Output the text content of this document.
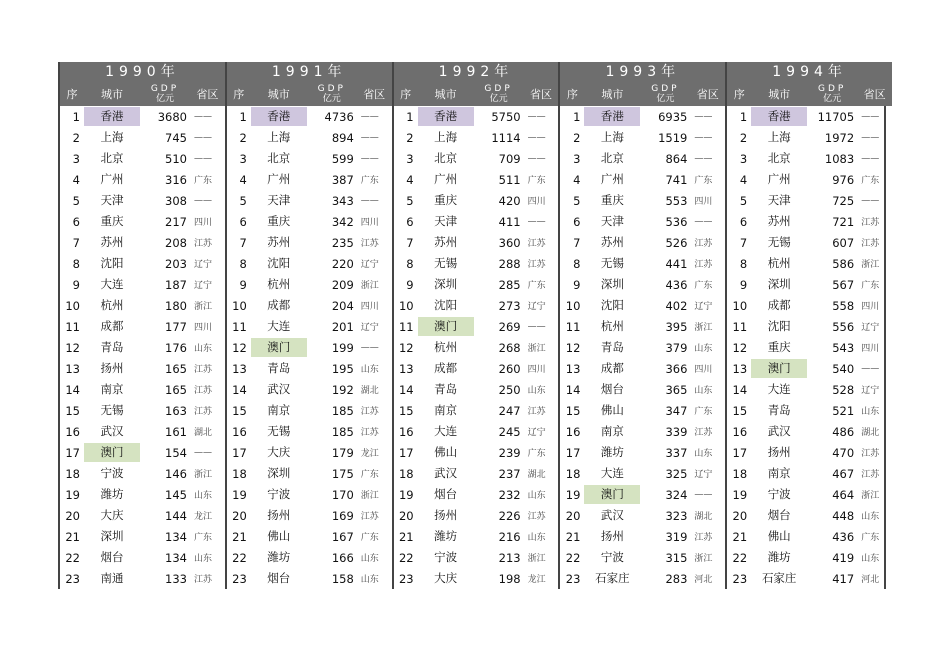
1990年
序	城市	GDP
亿元	省区
1	香港	3680 ——
2	上海	745 ——
3	北京	510 ——
4	广州	316 广东
5	天津	308 ——
6	重庆	217 四川
7	苏州	208 江苏
8	沈阳	203 辽宁
9	大连	187 辽宁
10	杭州	180 浙江
11	成都	177 四川
12	青岛	176 山东
13	扬州	165 江苏
14	南京	165 江苏
15	无锡	163 江苏
16	武汉	161 湖北
17	澳门	154 ——
18	宁波	146 浙江
19	潍坊	145 山东
20	大庆	144 龙江
21	深圳	134 广东
22	烟台	134 山东
23	南通	133 江苏
1991年
序	城市	GDP
亿元	省区
1	香港	4736 ——
2	上海	894 ——
3	北京	599 ——
4	广州	387 广东
5	天津	343 ——
6	重庆	342 四川
7	苏州	235 江苏
8	沈阳	220 辽宁
9	杭州	209 浙江
10	成都	204 四川
11	大连	201 辽宁
12	澳门	199 ——
13	青岛	195 山东
14	武汉	192 湖北
15	南京	185 江苏
16	无锡	185 江苏
17	大庆	179 龙江
18	深圳	175 广东
19	宁波	170 浙江
20	扬州	169 江苏
21	佛山	167 广东
22	潍坊	166 山东
23	烟台	158 山东
1992年
序	城市	GDP
亿元	省区
1	香港	5750 ——
2	上海	1114 ——
3	北京	709 ——
4	广州	511 广东
5	重庆	420 四川
6	天津	411 ——
7	苏州	360 江苏
8	无锡	288 江苏
9	深圳	285 广东
10	沈阳	273 辽宁
11	澳门	269 ——
12	杭州	268 浙江
13	成都	260 四川
14	青岛	250 山东
15	南京	247 江苏
16	大连	245 辽宁
17	佛山	239 广东
18	武汉	237 湖北
19	烟台	232 山东
20	扬州	226 江苏
21	潍坊	216 山东
22	宁波	213 浙江
23	大庆	198 龙江
1993年
序	城市	GDP
亿元	省区
1	香港	6935 ——
2	上海	1519 ——
3	北京	864 ——
4	广州	741 广东
5	重庆	553 四川
6	天津	536 ——
7	苏州	526 江苏
8	无锡	441 江苏
9	深圳	436 广东
10	沈阳	402 辽宁
11	杭州	395 浙江
12	青岛	379 山东
13	成都	366 四川
14	烟台	365 山东
15	佛山	347 广东
16	南京	339 江苏
17	潍坊	337 山东
18	大连	325 辽宁
19	澳门	324 ——
20	武汉	323 湖北
21	扬州	319 江苏
22	宁波	315 浙江
23	石家庄	283 河北
1994年
序	城市	GDP
亿元	省区
1	香港	11705 ——
2	上海	1972 ——
3	北京	1083 ——
4	广州	976 广东
5	天津	725 ——
6	苏州	721 江苏
7	无锡	607 江苏
8	杭州	586 浙江
9	深圳	567 广东
10	成都	558 四川
11	沈阳	556 辽宁
12	重庆	543 四川
13	澳门	540 ——
14	大连	528 辽宁
15	青岛	521 山东
16	武汉	486 湖北
17	扬州	470 江苏
18	南京	467 江苏
19	宁波	464 浙江
20	烟台	448 山东
21	佛山	436 广东
22	潍坊	419 山东
23	石家庄	417 河北
